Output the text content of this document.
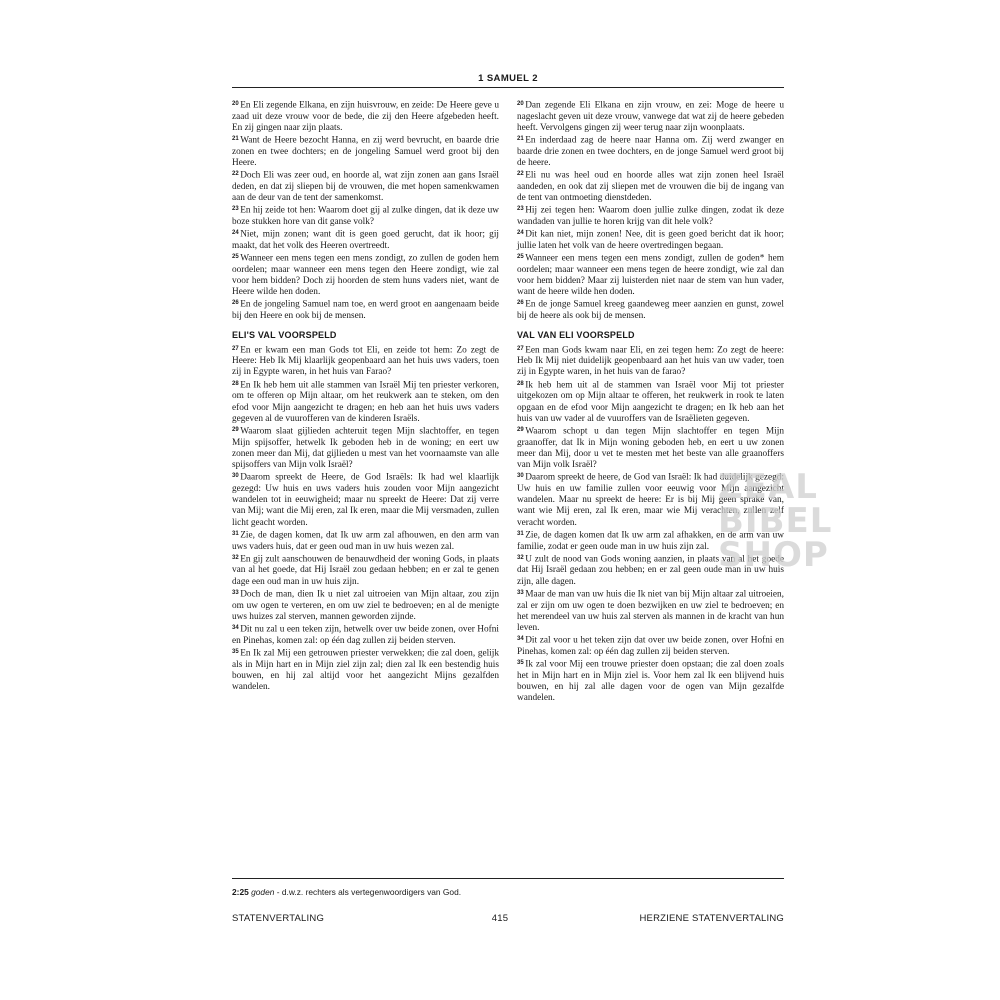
1 SAMUEL 2
$^{20}$ En Eli zegende Elkana, en zijn huisvrouw, en zeide: De Heere geve u zaad uit deze vrouw voor de bede, die zij den Heere afgebeden heeft. En zij gingen naar zijn plaats.
$^{21}$ Want de Heere bezocht Hanna, en zij werd bevrucht, en baarde drie zonen en twee dochters; en de jongeling Samuel werd groot bij den Heere.
$^{22}$ Doch Eli was zeer oud, en hoorde al, wat zijn zonen aan gans Israël deden, en dat zij sliepen bij de vrouwen, die met hopen samenkwamen aan de deur van de tent der samenkomst.
$^{23}$ En hij zeide tot hen: Waarom doet gij al zulke dingen, dat ik deze uw boze stukken hore van dit ganse volk?
$^{24}$ Niet, mijn zonen; want dit is geen goed gerucht, dat ik hoor; gij maakt, dat het volk des Heeren overtreedt.
$^{25}$ Wanneer een mens tegen een mens zondigt, zo zullen de goden hem oordelen; maar wanneer een mens tegen den Heere zondigt, wie zal voor hem bidden? Doch zij hoorden de stem huns vaders niet, want de Heere wilde hen doden.
$^{26}$ En de jongeling Samuel nam toe, en werd groot en aangenaam beide bij den Heere en ook bij de mensen.
ELI'S VAL VOORSPELD
$^{27}$ En er kwam een man Gods tot Eli, en zeide tot hem: Zo zegt de Heere: Heb Ik Mij klaarlijk geopenbaard aan het huis uws vaders, toen zij in Egypte waren, in het huis van Farao?
$^{28}$ En Ik heb hem uit alle stammen van Israël Mij ten priester verkoren, om te offeren op Mijn altaar, om het reukwerk aan te steken, om den efod voor Mijn aangezicht te dragen; en heb aan het huis uws vaders gegeven al de vuurofferen van de kinderen Israëls.
$^{29}$ Waarom slaat gijlieden achteruit tegen Mijn slachtoffer, en tegen Mijn spijsoffer, hetwelk Ik geboden heb in de woning; en eert uw zonen meer dan Mij, dat gijlieden u mest van het voornaamste van alle spijsoffers van Mijn volk Israël?
$^{30}$ Daarom spreekt de Heere, de God Israëls: Ik had wel klaarlijk gezegd: Uw huis en uws vaders huis zouden voor Mijn aangezicht wandelen tot in eeuwigheid; maar nu spreekt de Heere: Dat zij verre van Mij; want die Mij eren, zal Ik eren, maar die Mij versmaden, zullen licht geacht worden.
$^{31}$ Zie, de dagen komen, dat Ik uw arm zal afhouwen, en den arm van uws vaders huis, dat er geen oud man in uw huis wezen zal.
$^{32}$ En gij zult aanschouwen de benauwdheid der woning Gods, in plaats van al het goede, dat Hij Israël zou gedaan hebben; en er zal te genen dage een oud man in uw huis zijn.
$^{33}$ Doch de man, dien Ik u niet zal uitroeien van Mijn altaar, zou zijn om uw ogen te verteren, en om uw ziel te bedroeven; en al de menigte uws huizes zal sterven, mannen geworden zijnde.
$^{34}$ Dit nu zal u een teken zijn, hetwelk over uw beide zonen, over Hofni en Pinehas, komen zal: op één dag zullen zij beiden sterven.
$^{35}$ En Ik zal Mij een getrouwen priester verwekken; die zal doen, gelijk als in Mijn hart en in Mijn ziel zijn zal; dien zal Ik een bestendig huis bouwen, en hij zal altijd voor het aangezicht Mijns gezalfden wandelen.
$^{20}$ Dan zegende Eli Elkana en zijn vrouw, en zei: Moge de heere u nageslacht geven uit deze vrouw, vanwege dat wat zij de heere gebeden heeft. Vervolgens gingen zij weer terug naar zijn woonplaats.
$^{21}$ En inderdaad zag de heere naar Hanna om. Zij werd zwanger en baarde drie zonen en twee dochters, en de jonge Samuel werd groot bij de heere.
$^{22}$ Eli nu was heel oud en hoorde alles wat zijn zonen heel Israël aandeden, en ook dat zij sliepen met de vrouwen die bij de ingang van de tent van ontmoeting dienstdeden.
$^{23}$ Hij zei tegen hen: Waarom doen jullie zulke dingen, zodat ik deze wandaden van jullie te horen krijg van dit hele volk?
$^{24}$ Dit kan niet, mijn zonen! Nee, dit is geen goed bericht dat ik hoor; jullie laten het volk van de heere overtredingen begaan.
$^{25}$ Wanneer een mens tegen een mens zondigt, zullen de goden* hem oordelen; maar wanneer een mens tegen de heere zondigt, wie zal dan voor hem bidden? Maar zij luisterden niet naar de stem van hun vader, want de heere wilde hen doden.
$^{26}$ En de jonge Samuel kreeg gaandeweg meer aanzien en gunst, zowel bij de heere als ook bij de mensen.
VAL VAN ELI VOORSPELD
$^{27}$ Een man Gods kwam naar Eli, en zei tegen hem: Zo zegt de heere: Heb Ik Mij niet duidelijk geopenbaard aan het huis van uw vader, toen zij in Egypte waren, in het huis van de farao?
$^{28}$ Ik heb hem uit al de stammen van Israël voor Mij tot priester uitgekozen om op Mijn altaar te offeren, het reukwerk in rook te laten opgaan en de efod voor Mijn aangezicht te dragen; en Ik heb aan het huis van uw vader al de vuuroffers van de Israëlieten gegeven.
$^{29}$ Waarom schopt u dan tegen Mijn slachtoffer en tegen Mijn graanoffer, dat Ik in Mijn woning geboden heb, en eert u uw zonen meer dan Mij, door u vet te mesten met het beste van alle graanoffers van Mijn volk Israël?
$^{30}$ Daarom spreekt de heere, de God van Israël: Ik had duidelijk gezegd: Uw huis en uw familie zullen voor eeuwig voor Mijn aangezicht wandelen. Maar nu spreekt de heere: Er is bij Mij geen sprake van, want wie Mij eren, zal Ik eren, maar wie Mij verachten, zullen zelf veracht worden.
$^{31}$ Zie, de dagen komen dat Ik uw arm zal afhakken, en de arm van uw familie, zodat er geen oude man in uw huis zijn zal.
$^{32}$ U zult de nood van Gods woning aanzien, in plaats van al het goede dat Hij Israël gedaan zou hebben; en er zal geen oude man in uw huis zijn, alle dagen.
$^{33}$ Maar de man van uw huis die Ik niet van bij Mijn altaar zal uitroeien, zal er zijn om uw ogen te doen bezwijken en uw ziel te bedroeven; en het merendeel van uw huis zal sterven als mannen in de kracht van hun leven.
$^{34}$ Dit zal voor u het teken zijn dat over uw beide zonen, over Hofni en Pinehas, komen zal: op één dag zullen zij beiden sterven.
$^{35}$ Ik zal voor Mij een trouwe priester doen opstaan; die zal doen zoals het in Mijn hart en in Mijn ziel is. Voor hem zal Ik een blijvend huis bouwen, en hij zal alle dagen voor de ogen van Mijn gezalfde wandelen.
ZEAL
BIBEL
SHOP
2:25 goden - d.w.z. rechters als vertegenwoordigers van God.
STATENVERTALING	415	HERZIENE STATENVERTALING
